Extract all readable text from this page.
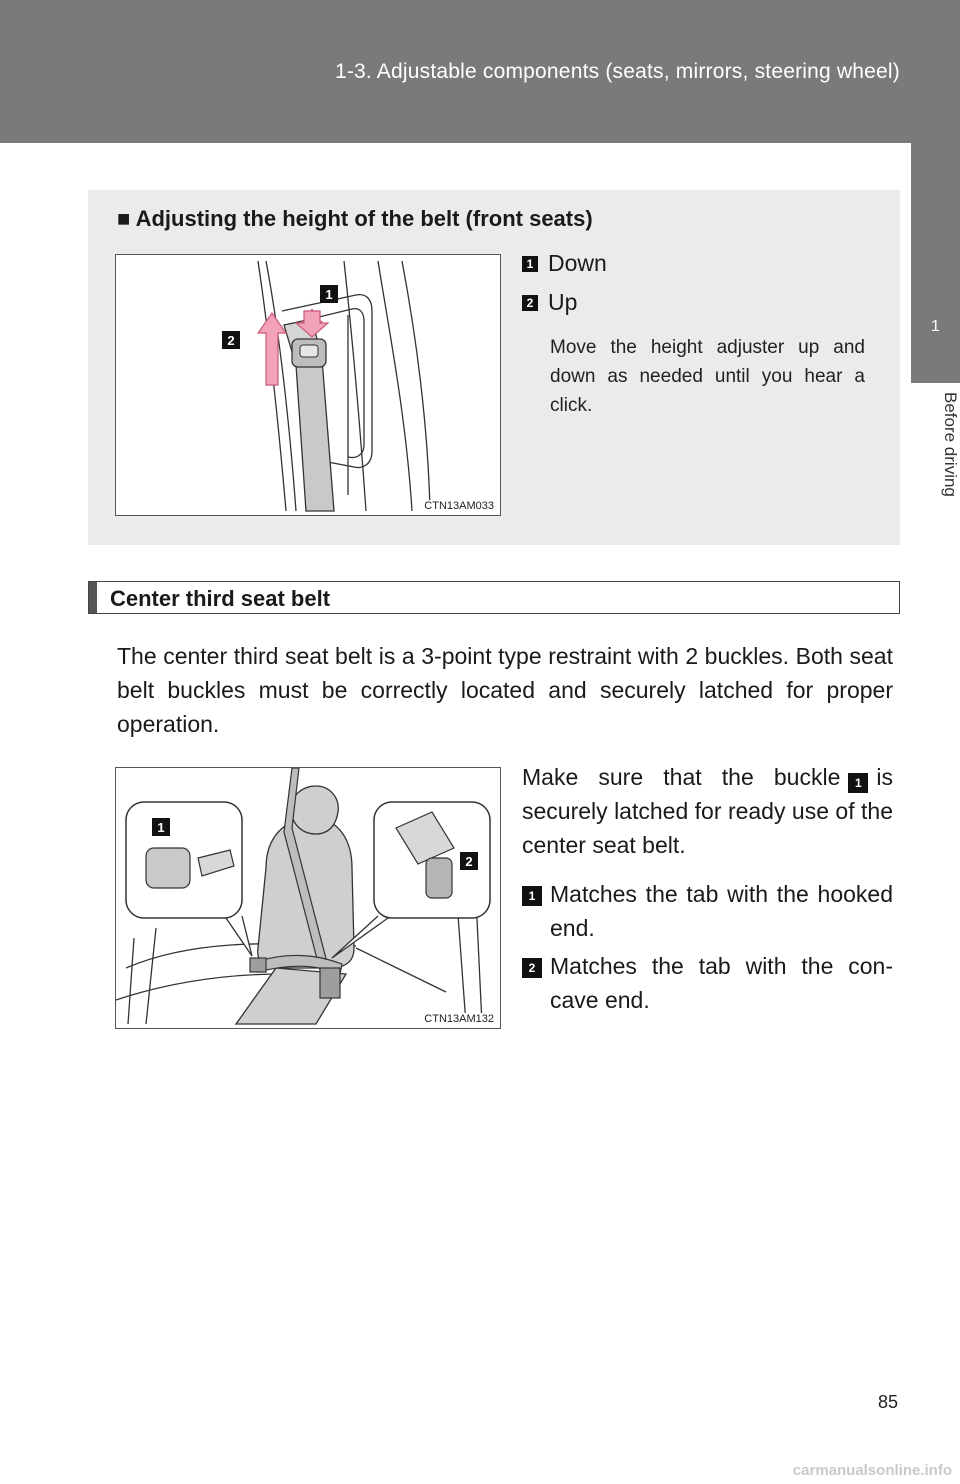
1-3. Adjustable components (seats, mirrors, steering wheel)
1
Before driving
■ Adjusting the height of the belt (front seats)
1
2
CTN13AM033
1 Down
2 Up
Move the height adjuster up and down as needed until you hear a click.
Center third seat belt
The center third seat belt is a 3-point type restraint with 2 buckles. Both seat belt buckles must be correctly located and securely latched for proper operation.
1
2
CTN13AM132
Make sure that the buckle 1 is securely latched for ready use of the center seat belt.
1 Matches the tab with the hooked end.
2 Matches the tab with the con-cave end.
85
carmanualsonline.info
